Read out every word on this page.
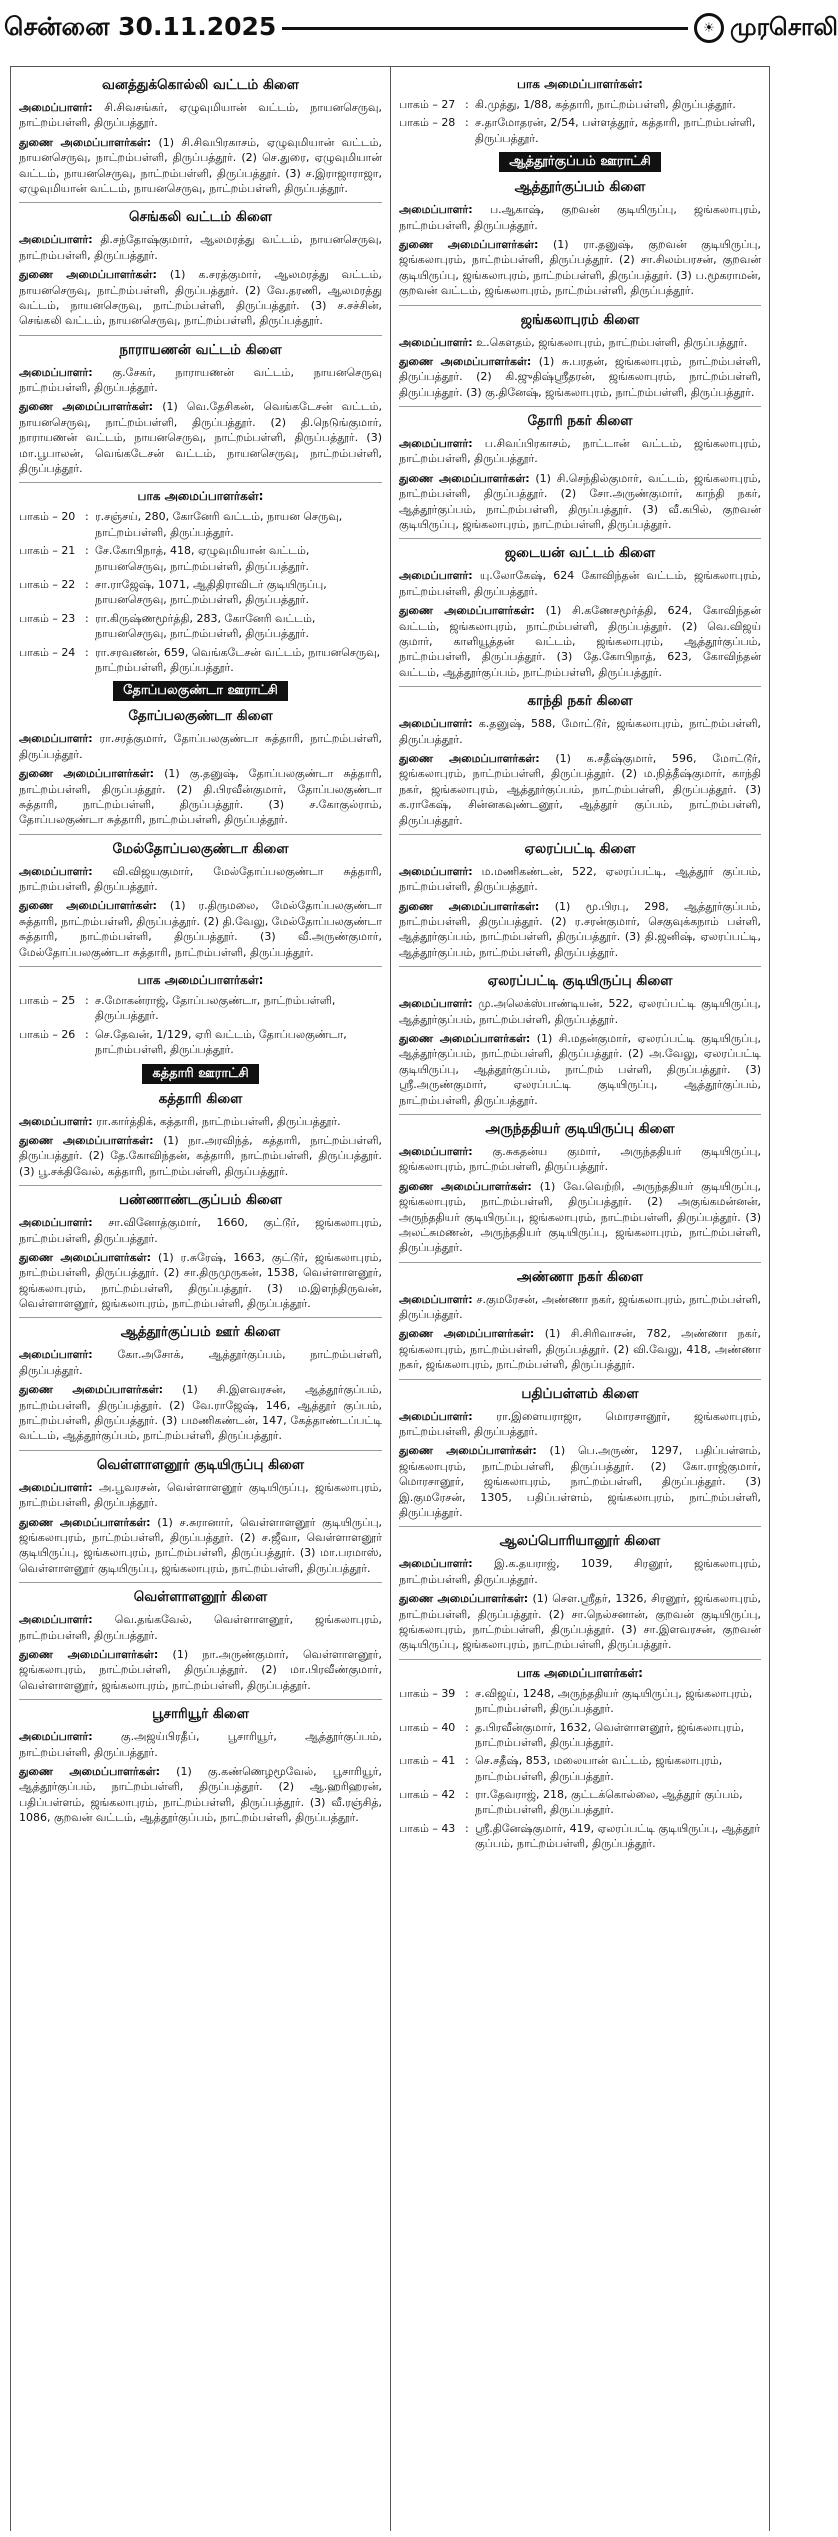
சென்னை 30.11.2025	☀ முரசொலி
வனத்துக்கொல்லி வட்டம் கிளை
அமைப்பாளர்: சி.சிவசங்கர், ஏழுவுமியான் வட்டம், நாயனசெருவு, நாட்றம்பள்ளி, திருப்பத்தூர்.
துணை அமைப்பாளர்கள்: (1) சி.சிவபிரகாசம், ஏழுவுமியான் வட்டம், நாயனசெருவு, நாட்றம்பள்ளி, திருப்பத்தூர். (2) செ.துரை, ஏழுவுமியான் வட்டம், நாயனசெருவு, நாட்றம்பள்ளி, திருப்பத்தூர். (3) ச.இராஜாராஜா, ஏழுவுமியான் வட்டம், நாயனசெருவு, நாட்றம்பள்ளி, திருப்பத்தூர்.
செங்கலி வட்டம் கிளை
அமைப்பாளர்: தி.சந்தோஷ்குமார், ஆலமரத்து வட்டம், நாயனசெருவு, நாட்றம்பள்ளி, திருப்பத்தூர்.
துணை அமைப்பாளர்கள்: (1) க.சரத்குமார், ஆலமரத்து வட்டம், நாயனசெருவு, நாட்றம்பள்ளி, திருப்பத்தூர். (2) வே.தரணி, ஆலமரத்து வட்டம், நாயனசெருவு, நாட்றம்பள்ளி, திருப்பத்தூர். (3) ச.சச்சின், செங்கலி வட்டம், நாயனசெருவு, நாட்றம்பள்ளி, திருப்பத்தூர்.
நாராயணன் வட்டம் கிளை
அமைப்பாளர்: கு.சேகர், நாராயணன் வட்டம், நாயனசெருவு நாட்றம்பள்ளி, திருப்பத்தூர்.
துணை அமைப்பாளர்கள்: (1) வெ.தேசிகன், வெங்கடேசன் வட்டம், நாயனசெருவு, நாட்றம்பள்ளி, திருப்பத்தூர். (2) தி.நெடுங்குமார், நாராயணன் வட்டம், நாயனசெருவு, நாட்றம்பள்ளி, திருப்பத்தூர். (3) மா.பூபாலன், வெங்கடேசன் வட்டம், நாயனசெருவு, நாட்றம்பள்ளி, திருப்பத்தூர்.
பாக அமைப்பாளர்கள்:
பாகம் – 20 : ர.சஞ்சய், 280, கோனேரி வட்டம், நாயன செருவு, நாட்றம்பள்ளி, திருப்பத்தூர்.
பாகம் – 21 : சே.கோபிநாத், 418, ஏழுவுமியான் வட்டம், நாயனசெருவு, நாட்றம்பள்ளி, திருப்பத்தூர்.
பாகம் – 22 : சா.ராஜேஷ், 1071, ஆதிதிராவிடர் குடியிருப்பு, நாயனசெருவு, நாட்றம்பள்ளி, திருப்பத்தூர்.
பாகம் – 23 : ரா.கிருஷ்ணமூர்த்தி, 283, கோனேரி வட்டம், நாயனசெருவு, நாட்றம்பள்ளி, திருப்பத்தூர்.
பாகம் – 24 : ரா.சரவணன், 659, வெங்கடேசன் வட்டம், நாயனசெருவு, நாட்றம்பள்ளி, திருப்பத்தூர்.
தோப்பலகுண்டா ஊராட்சி
தோப்பலகுண்டா கிளை
அமைப்பாளர்: ரா.சரத்குமார், தோப்பலகுண்டா சுத்தாரி, நாட்றம்பள்ளி, திருப்பத்தூர்.
துணை அமைப்பாளர்கள்: (1) கு.தனுஷ், தோப்பலகுண்டா சுத்தாரி, நாட்றம்பள்ளி, திருப்பத்தூர். (2) தி.பிரவீன்குமார், தோப்பலகுண்டா சுத்தாரி, நாட்றம்பள்ளி, திருப்பத்தூர். (3) ச.கோகுல்ராம், தோப்பலகுண்டா சுத்தாரி, நாட்றம்பள்ளி, திருப்பத்தூர்.
மேல்தோப்பலகுண்டா கிளை
அமைப்பாளர்: வி.விஜயகுமார், மேல்தோப்பலகுண்டா சுத்தாரி, நாட்றம்பள்ளி, திருப்பத்தூர்.
துணை அமைப்பாளர்கள்: (1) ர.திருமலை, மேல்தோப்பலகுண்டா சுத்தாரி, நாட்றம்பள்ளி, திருப்பத்தூர். (2) தி.வேலு, மேல்தோப்பலகுண்டா சுத்தாரி, நாட்றம்பள்ளி, திருப்பத்தூர். (3) வீ.அருண்குமார், மேல்தோப்பலகுண்டா சுத்தாரி, நாட்றம்பள்ளி, திருப்பத்தூர்.
பாக அமைப்பாளர்கள்:
பாகம் – 25 : ச.மோகன்ராஜ், தோப்பலகுண்டா, நாட்றம்பள்ளி, திருப்பத்தூர்.
பாகம் – 26 : செ.தேவன், 1/129, ஏரி வட்டம், தோப்பலகுண்டா, நாட்றம்பள்ளி, திருப்பத்தூர்.
கத்தாரி ஊராட்சி
கத்தாரி கிளை
அமைப்பாளர்: ரா.கார்த்திக், கத்தாரி, நாட்றம்பள்ளி, திருப்பத்தூர்.
துணை அமைப்பாளர்கள்: (1) நா.அரவிந்த், கத்தாரி, நாட்றம்பள்ளி, திருப்பத்தூர். (2) தே.கோவிந்தன், கத்தாரி, நாட்றம்பள்ளி, திருப்பத்தூர். (3) பூ.சக்திவேல், கத்தாரி, நாட்றம்பள்ளி, திருப்பத்தூர்.
பண்ணாண்டகுப்பம் கிளை
அமைப்பாளர்: சா.வினோத்குமார், 1660, குட்டூர், ஜங்கலாபுரம், நாட்றம்பள்ளி, திருப்பத்தூர்.
துணை அமைப்பாளர்கள்: (1) ர.சுரேஷ், 1663, குட்டூர், ஜங்கலாபுரம், நாட்றம்பள்ளி, திருப்பத்தூர். (2) சா.திருமுருகன், 1538, வெள்ளாளனூர், ஜங்கலாபுரம், நாட்றம்பள்ளி, திருப்பத்தூர். (3) ம.இளந்திருவன், வெள்ளாளனூர், ஜங்கலாபுரம், நாட்றம்பள்ளி, திருப்பத்தூர்.
ஆத்தூர்குப்பம் ஊர் கிளை
அமைப்பாளர்: கோ.அசோக், ஆத்தூர்குப்பம், நாட்றம்பள்ளி, திருப்பத்தூர்.
துணை அமைப்பாளர்கள்: (1) சி.இளவரசன், ஆத்தூர்குப்பம், நாட்றம்பள்ளி, திருப்பத்தூர். (2) வே.ராஜேஷ், 146, ஆத்தூர் குப்பம், நாட்றம்பள்ளி, திருப்பத்தூர். (3) பமணிகண்டன், 147, கேத்தாண்டப்பட்டி வட்டம், ஆத்தூர்குப்பம், நாட்றம்பள்ளி, திருப்பத்தூர்.
வெள்ளாளனூர் குடியிருப்பு கிளை
அமைப்பாளர்: அ.பூவரசன், வெள்ளாளனூர் குடியிருப்பு, ஜங்கலாபுரம், நாட்றம்பள்ளி, திருப்பத்தூர்.
துணை அமைப்பாளர்கள்: (1) ச.சுரானார், வெள்ளாளனூர் குடியிருப்பு, ஜங்கலாபுரம், நாட்றம்பள்ளி, திருப்பத்தூர். (2) ச.ஜீவா, வெள்ளாளனூர் குடியிருப்பு, ஜங்கலாபுரம், நாட்றம்பள்ளி, திருப்பத்தூர். (3) மா.பரமாஸ், வெள்ளாளனூர் குடியிருப்பு, ஜங்கலாபுரம், நாட்றம்பள்ளி, திருப்பத்தூர்.
வெள்ளாளனூர் கிளை
அமைப்பாளர்: வெ.தங்கவேல், வெள்ளாளனூர், ஜங்கலாபுரம், நாட்றம்பள்ளி, திருப்பத்தூர்.
துணை அமைப்பாளர்கள்: (1) நா.அருண்குமார், வெள்ளாளனூர், ஜங்கலாபுரம், நாட்றம்பள்ளி, திருப்பத்தூர். (2) மா.பிரவீண்குமார், வெள்ளாளனூர், ஜங்கலாபுரம், நாட்றம்பள்ளி, திருப்பத்தூர்.
பூசாரியூர் கிளை
அமைப்பாளர்:	கு.அஜய்பிரதீப், பூசாரியூர், ஆத்தூர்குப்பம், நாட்றம்பள்ளி, திருப்பத்தூர்.
துணை அமைப்பாளர்கள்: (1) கு.கண்ணெழமூவேல், பூசாரியூர், ஆத்தூர்குப்பம், நாட்றம்பள்ளி, திருப்பத்தூர். (2) ஆ.ஹரிஹரன், பதிப்பள்ளம், ஜங்கலாபுரம், நாட்றம்பள்ளி, திருப்பத்தூர். (3) வீ.ரஞ்சித், 1086, குறவன் வட்டம், ஆத்தூர்குப்பம், நாட்றம்பள்ளி, திருப்பத்தூர்.
பாக அமைப்பாளர்கள்:
பாகம் – 27 : கி.முத்து, 1/88, கத்தாரி, நாட்றம்பள்ளி, திருப்பத்தூர்.
பாகம் – 28 : ச.தாமோதரன், 2/54, பள்ளத்தூர், கத்தாரி, நாட்றம்பள்ளி, திருப்பத்தூர்.
ஆத்தூர்குப்பம் ஊராட்சி
ஆத்தூர்குப்பம் கிளை
அமைப்பாளர்: ப.ஆகாஷ், குறவன் குடியிருப்பு, ஜங்கலாபுரம், நாட்றம்பள்ளி, திருப்பத்தூர்.
துணை அமைப்பாளர்கள்: (1) ரா.தனுஷ், குறவன் குடியிருப்பு, ஜங்கலாபுரம், நாட்றம்பள்ளி, திருப்பத்தூர். (2) சா.சிலம்பரசன், குறவன் குடியிருப்பு, ஜங்கலாபுரம், நாட்றம்பள்ளி, திருப்பத்தூர். (3) ப.மூகராமன், குறவன் வட்டம், ஜங்கலாபுரம், நாட்றம்பள்ளி, திருப்பத்தூர்.
ஜங்கலாபுரம் கிளை
அமைப்பாளர்: உ.கௌதம், ஜங்கலாபுரம், நாட்றம்பள்ளி, திருப்பத்தூர்.
துணை அமைப்பாளர்கள்: (1) சு.பரதன், ஜங்கலாபுரம், நாட்றம்பள்ளி, திருப்பத்தூர். (2) கி.ஜுதிஷ்ஸ்ரீதரன், ஜங்கலாபுரம், நாட்றம்பள்ளி, திருப்பத்தூர். (3) கு.தினேஷ், ஜங்கலாபுரம், நாட்றம்பள்ளி, திருப்பத்தூர்.
தோரி நகர் கிளை
அமைப்பாளர்: ப.சிவப்பிரகாசம், நாட்டான் வட்டம், ஜங்கலாபுரம், நாட்றம்பள்ளி, திருப்பத்தூர்.
துணை அமைப்பாளர்கள்: (1) சி.செந்தில்குமார், வட்டம், ஜங்கலாபுரம், நாட்றம்பள்ளி, திருப்பத்தூர். (2) சோ.அருண்குமார், காந்தி நகர், ஆத்தூர்குப்பம், நாட்றம்பள்ளி, திருப்பத்தூர். (3) வீ.கபில், குறவன் குடியிருப்பு, ஜங்கலாபுரம், நாட்றம்பள்ளி, திருப்பத்தூர்.
ஜடையன் வட்டம் கிளை
அமைப்பாளர்: யு.லோகேஷ், 624 கோவிந்தன் வட்டம், ஜங்கலாபுரம், நாட்றம்பள்ளி, திருப்பத்தூர்.
துணை அமைப்பாளர்கள்: (1) சி.கணேசமூர்த்தி, 624, கோவிந்தன் வட்டம், ஜங்கலாபுரம், நாட்றம்பள்ளி, திருப்பத்தூர். (2) வெ.விஜய் குமார், காளியூத்தன் வட்டம், ஜங்கலாபுரம், ஆத்தூர்குப்பம், நாட்றம்பள்ளி, திருப்பத்தூர். (3) தே.கோபிநாத், 623, கோவிந்தன் வட்டம், ஆத்தூர்குப்பம், நாட்றம்பள்ளி, திருப்பத்தூர்.
காந்தி நகர் கிளை
அமைப்பாளர்: க.தனுஷ், 588, மோட்டூர், ஜங்கலாபுரம், நாட்றம்பள்ளி, திருப்பத்தூர்.
துணை அமைப்பாளர்கள்: (1) க.சதீஷ்குமார், 596, மோட்டூர், ஜங்கலாபுரம், நாட்றம்பள்ளி, திருப்பத்தூர். (2) ம.நித்தீஷ்குமார், காந்தி நகர், ஜங்கலாபுரம், ஆத்தூர்குப்பம், நாட்றம்பள்ளி, திருப்பத்தூர். (3) க.ராகேஷ், சின்னகவுண்டனூர், ஆத்தூர் குப்பம், நாட்றம்பள்ளி, திருப்பத்தூர்.
ஏலரப்பட்டி கிளை
அமைப்பாளர்: ம.மணிகண்டன், 522, ஏலரப்பட்டி, ஆத்தூர் குப்பம், நாட்றம்பள்ளி, திருப்பத்தூர்.
துணை அமைப்பாளர்கள்: (1) மூ.பிரபு, 298, ஆத்தூர்குப்பம், நாட்றம்பள்ளி, திருப்பத்தூர். (2) ர.சரன்குமார், செகுவுக்கநாம் பள்ளி, ஆத்தூர்குப்பம், நாட்றம்பள்ளி, திருப்பத்தூர். (3) தி.ஜனிஷ், ஏலரப்பட்டி, ஆத்தூர்குப்பம், நாட்றம்பள்ளி, திருப்பத்தூர்.
ஏலரப்பட்டி குடியிருப்பு கிளை
அமைப்பாளர்: மு.அலெக்ஸ்பாண்டியன், 522, ஏலரப்பட்டி குடியிருப்பு, ஆத்தூர்குப்பம், நாட்றம்பள்ளி, திருப்பத்தூர்.
துணை அமைப்பாளர்கள்: (1) சி.மதன்குமார், ஏலரப்பட்டி குடியிருப்பு, ஆத்தூர்குப்பம், நாட்றம்பள்ளி, திருப்பத்தூர். (2) அ.வேலு, ஏலரப்பட்டி குடியிருப்பு, ஆத்தூர்குப்பம், நாட்றம் பள்ளி, திருப்பத்தூர். (3) ஸ்ரீ.அருண்குமார், ஏலரப்பட்டி குடியிருப்பு, ஆத்தூர்குப்பம், நாட்றம்பள்ளி, திருப்பத்தூர்.
அருந்ததியர் குடியிருப்பு கிளை
அமைப்பாளர்: கு.சுகதன்ய குமார், அருந்ததியர் குடியிருப்பு, ஜங்கலாபுரம், நாட்றம்பள்ளி, திருப்பத்தூர்.
துணை அமைப்பாளர்கள்: (1) வே.வெற்றி, அருந்ததியர் குடியிருப்பு, ஜங்கலாபுரம், நாட்றம்பள்ளி, திருப்பத்தூர். (2) அகுங்கமன்னன், அருந்ததியர் குடியிருப்பு, ஜங்கலாபுரம், நாட்றம்பள்ளி, திருப்பத்தூர். (3) அலட்சுமணன், அருந்ததியர் குடியிருப்பு, ஜங்கலாபுரம், நாட்றம்பள்ளி, திருப்பத்தூர்.
அண்ணா நகர் கிளை
அமைப்பாளர்: ச.குமரேசன், அண்ணா நகர், ஜங்கலாபுரம், நாட்றம்பள்ளி, திருப்பத்தூர்.
துணை அமைப்பாளர்கள்: (1) சி.சிரிவாசன், 782, அண்ணா நகர், ஜங்கலாபுரம், நாட்றம்பள்ளி, திருப்பத்தூர். (2) வி.வேலு, 418, அண்ணா நகர், ஜங்கலாபுரம், நாட்றம்பள்ளி, திருப்பத்தூர்.
பதிப்பள்ளம் கிளை
அமைப்பாளர்: ரா.இளையராஜா, மொரசானூர், ஜங்கலாபுரம், நாட்றம்பள்ளி, திருப்பத்தூர்.
துணை அமைப்பாளர்கள்: (1) பெ.அருண், 1297, பதிப்பள்ளம், ஜங்கலாபுரம், நாட்றம்பள்ளி, திருப்பத்தூர். (2) கோ.ராஜ்குமார், மொரசானூர், ஜங்கலாபுரம், நாட்றம்பள்ளி, திருப்பத்தூர். (3) இ.குமரேசன், 1305, பதிப்பள்ளம், ஜங்கலாபுரம், நாட்றம்பள்ளி, திருப்பத்தூர்.
ஆலப்பொரியானூர் கிளை
அமைப்பாளர்: இ.க.தயராஜ், 1039, சிரனூர், ஜங்கலாபுரம், நாட்றம்பள்ளி, திருப்பத்தூர்.
துணை அமைப்பாளர்கள்: (1) சௌ.ஸ்ரீதர், 1326, சிரனூர், ஜங்கலாபுரம், நாட்றம்பள்ளி, திருப்பத்தூர். (2) சா.நெல்சனான், குறவன் குடியிருப்பு, ஜங்கலாபுரம், நாட்றம்பள்ளி, திருப்பத்தூர். (3) சா.இளவரசன், குறவன் குடியிருப்பு, ஜங்கலாபுரம், நாட்றம்பள்ளி, திருப்பத்தூர்.
பாக அமைப்பாளர்கள்:
பாகம் – 39 : ச.விஜய், 1248, அருந்ததியர் குடியிருப்பு, ஜங்கலாபுரம், நாட்றம்பள்ளி, திருப்பத்தூர்.
பாகம் – 40 : த.பிரவீன்குமார், 1632, வெள்ளாளனூர், ஜங்கலாபுரம், நாட்றம்பள்ளி, திருப்பத்தூர்.
பாகம் – 41 : செ.சதீஷ், 853, மலையான் வட்டம், ஜங்கலாபுரம், நாட்றம்பள்ளி, திருப்பத்தூர்.
பாகம் – 42 : ரா.தேவராஜ், 218, குட்டக்கொல்லை, ஆத்தூர் குப்பம், நாட்றம்பள்ளி, திருப்பத்தூர்.
பாகம் – 43 : ஸ்ரீ.தினேஷ்குமார், 419, ஏலரப்பட்டி குடியிருப்பு, ஆத்தூர் குப்பம், நாட்றம்பள்ளி, திருப்பத்தூர்.
